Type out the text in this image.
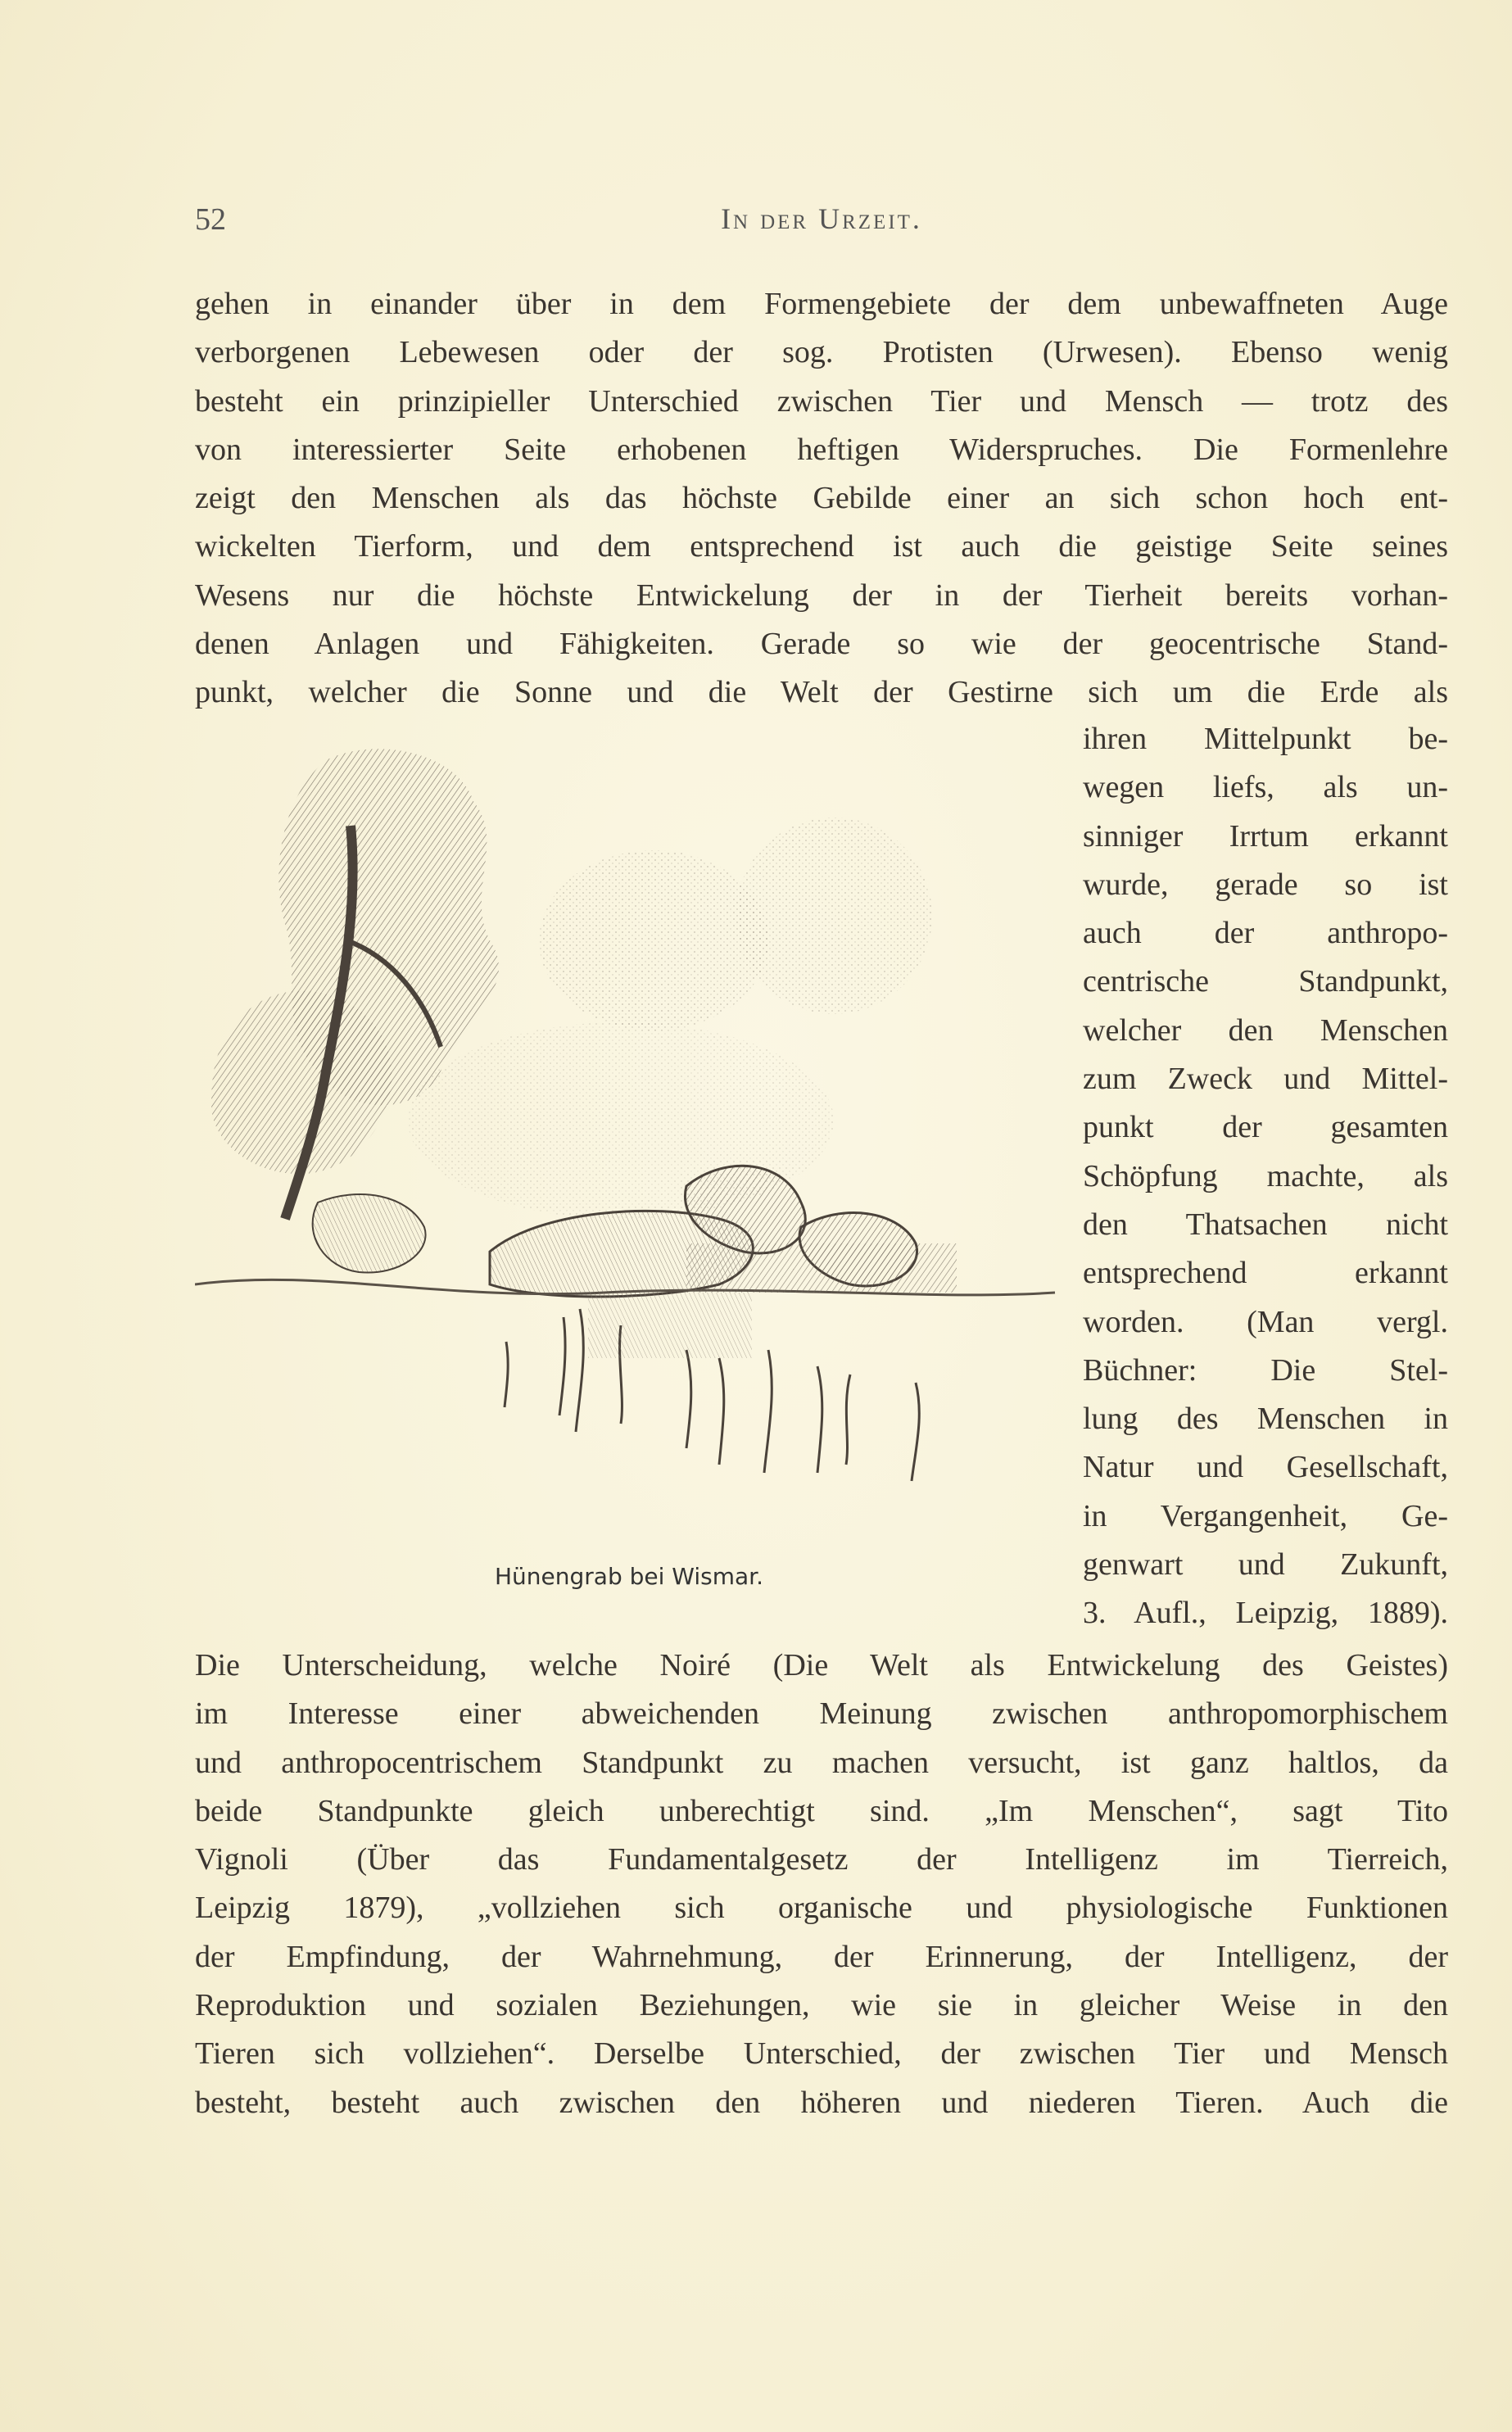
52	In der Urzeit.
gehen in einander über in dem Formengebiete der dem unbewaffneten Auge
verborgenen Lebewesen oder der sog. Protisten (Urwesen). Ebenso wenig
besteht ein prinzipieller Unterschied zwischen Tier und Mensch — trotz des
von interessierter Seite erhobenen heftigen Widerspruches. Die Formenlehre
zeigt den Menschen als das höchste Gebilde einer an sich schon hoch ent-
wickelten Tierform, und dem entsprechend ist auch die geistige Seite seines
Wesens nur die höchste Entwickelung der in der Tierheit bereits vorhan-
denen Anlagen und Fähigkeiten. Gerade so wie der geocentrische Stand-
punkt, welcher die Sonne und die Welt der Gestirne sich um die Erde als
Hünengrab bei Wismar.
ihren Mittelpunkt be-
wegen liefs, als un-
sinniger Irrtum erkannt
wurde, gerade so ist
auch der anthropo-
centrische Standpunkt,
welcher den Menschen
zum Zweck und Mittel-
punkt der gesamten
Schöpfung machte, als
den Thatsachen nicht
entsprechend erkannt
worden. (Man vergl.
Büchner: Die Stel-
lung des Menschen in
Natur und Gesellschaft,
in Vergangenheit, Ge-
genwart und Zukunft,
3. Aufl., Leipzig, 1889).
Die Unterscheidung, welche Noiré (Die Welt als Entwickelung des Geistes)
im Interesse einer abweichenden Meinung zwischen anthropomorphischem
und anthropocentrischem Standpunkt zu machen versucht, ist ganz haltlos, da
beide Standpunkte gleich unberechtigt sind. „Im Menschen“, sagt Tito
Vignoli (Über das Fundamentalgesetz der Intelligenz im Tierreich,
Leipzig 1879), „vollziehen sich organische und physiologische Funktionen
der Empfindung, der Wahrnehmung, der Erinnerung, der Intelligenz, der
Reproduktion und sozialen Beziehungen, wie sie in gleicher Weise in den
Tieren sich vollziehen“. Derselbe Unterschied, der zwischen Tier und Mensch
besteht, besteht auch zwischen den höheren und niederen Tieren. Auch die
